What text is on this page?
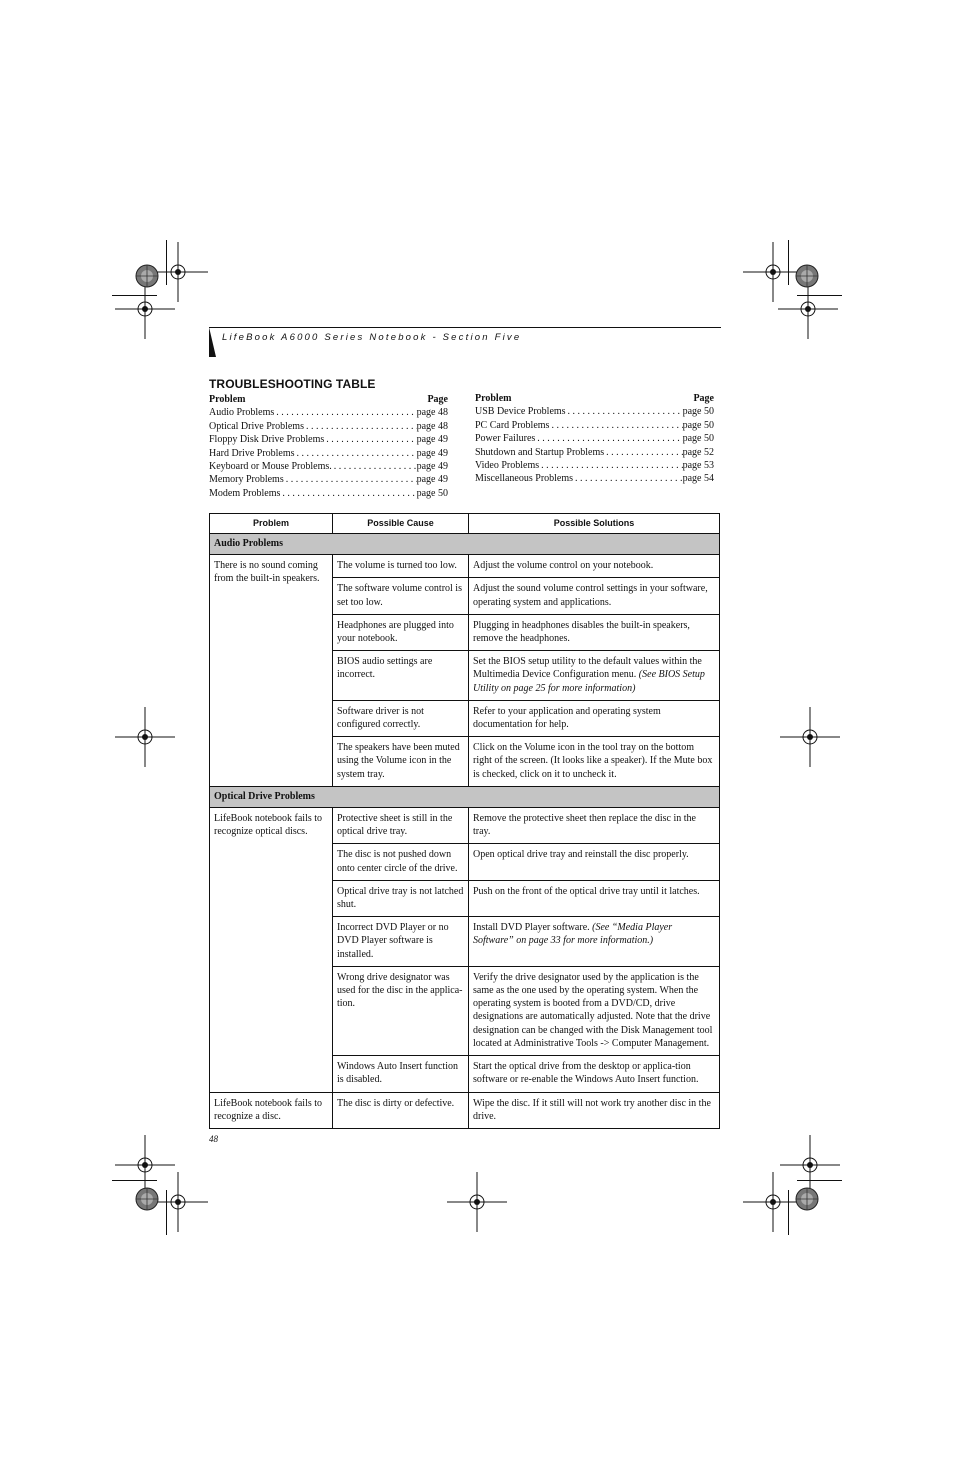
LifeBook A6000 Series Notebook - Section Five
TROUBLESHOOTING TABLE
Problem	Page
Audio Problems . . .	page 48
Optical Drive Problems . . .	page 48
Floppy Disk Drive Problems . . .	page 49
Hard Drive Problems . . .	page 49
Keyboard or Mouse Problems. . . .	page 49
Memory Problems . . .	page 49
Modem Problems . . .	page 50
Problem	Page
USB Device Problems . . .	page 50
PC Card Problems . . .	page 50
Power Failures . . .	page 50
Shutdown and Startup Problems . . .	page 52
Video Problems . . .	page 53
Miscellaneous Problems . . .	page 54
Problem	Possible Cause	Possible Solutions
Audio Problems		
There is no sound coming from the built-in speakers.	The volume is turned too low.	Adjust the volume control on your notebook.
	The software volume control is set too low.	Adjust the sound volume control settings in your software, operating system and applications.
	Headphones are plugged into your notebook.	Plugging in headphones disables the built-in speakers, remove the headphones.
	BIOS audio settings are incorrect.	Set the BIOS setup utility to the default values within the Multimedia Device Configuration menu. (See BIOS Setup Utility on page 25 for more information)
	Software driver is not configured correctly.	Refer to your application and operating system documentation for help.
	The speakers have been muted using the Volume icon in the system tray.	Click on the Volume icon in the tool tray on the bottom right of the screen. (It looks like a speaker). If the Mute box is checked, click on it to uncheck it.
Optical Drive Problems		
LifeBook notebook fails to recognize optical discs.	Protective sheet is still in the optical drive tray.	Remove the protective sheet then replace the disc in the tray.
	The disc is not pushed down onto center circle of the drive.	Open optical drive tray and reinstall the disc properly.
	Optical drive tray is not latched shut.	Push on the front of the optical drive tray until it latches.
	Incorrect DVD Player or no DVD Player software is installed.	Install DVD Player software. (See “Media Player Software” on page 33 for more information.)
	Wrong drive designator was used for the disc in the applica-tion.	Verify the drive designator used by the application is the same as the one used by the operating system. When the operating system is booted from a DVD/CD, drive designations are automatically adjusted. Note that the drive designation can be changed with the Disk Management tool located at Administrative Tools -> Computer Management.
	Windows Auto Insert function is disabled.	Start the optical drive from the desktop or applica-tion software or re-enable the Windows Auto Insert function.
LifeBook notebook fails to recognize a disc.	The disc is dirty or defective.	Wipe the disc. If it still will not work try another disc in the drive.
48
